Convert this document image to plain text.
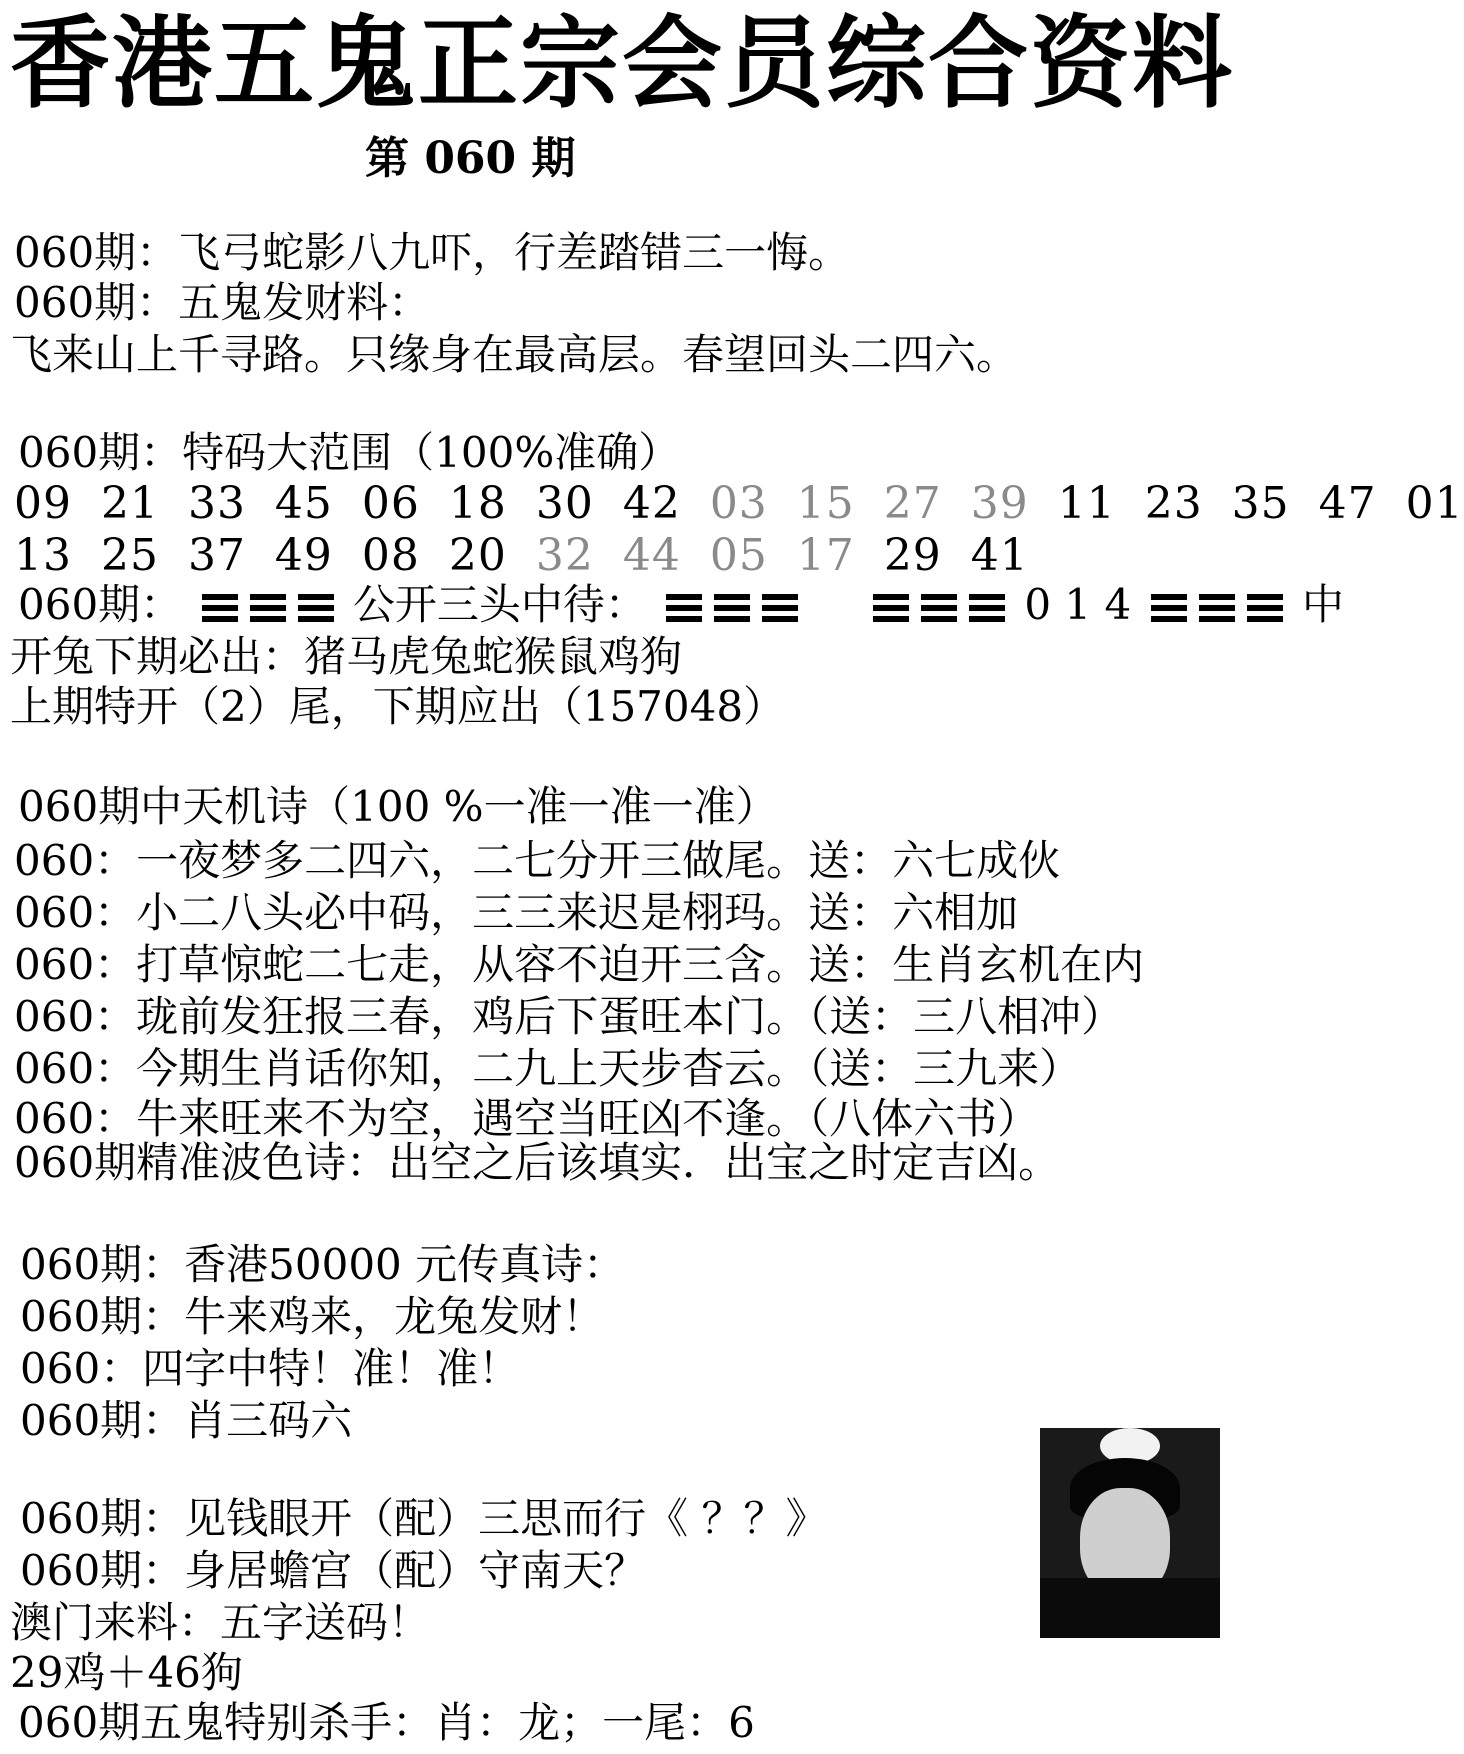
香港五鬼正宗会员综合资料
第 060 期
060期：飞弓蛇影八九吓，行差踏错三一悔。
060期：五鬼发财料：
飞来山上千寻路。只缘身在最高层。春望回头二四六。
060期：特码大范围（100%准确）
09 21 33 45 06 18 30 42 03 15 27 39 11 23 35 47 01
13 25 37 49 08 20 32 44 05 17 29 41
060期：	公开三头中待：	0 1 4	中
开兔下期必出：猪马虎兔蛇猴鼠鸡狗
上期特开（2）尾，下期应出（157048）
060期中天机诗（100 %一准一准一准）
060：一夜梦多二四六，二七分开三做尾。送：六七成伙
060：小二八头必中码，三三来迟是栩玛。送：六相加
060：打草惊蛇二七走，从容不迫开三含。送：生肖玄机在内
060：珑前发狂报三春，鸡后下蛋旺本门。（送：三八相冲）
060：今期生肖话你知，二九上天步杳云。（送：三九来）
060：牛来旺来不为空，遇空当旺凶不逢。（八体六书）
060期精准波色诗：出空之后该填实．出宝之时定吉凶。
060期：香港50000 元传真诗：
060期：牛来鸡来，龙兔发财！
060：四字中特！准！准！
060期：肖三码六
060期：见钱眼开（配）三思而行《 ？？》
060期：身居蟾宫（配）守南天？
澳门来料：五字送码！
29鸡＋46狗
060期五鬼特别杀手：肖：龙；一尾：6
